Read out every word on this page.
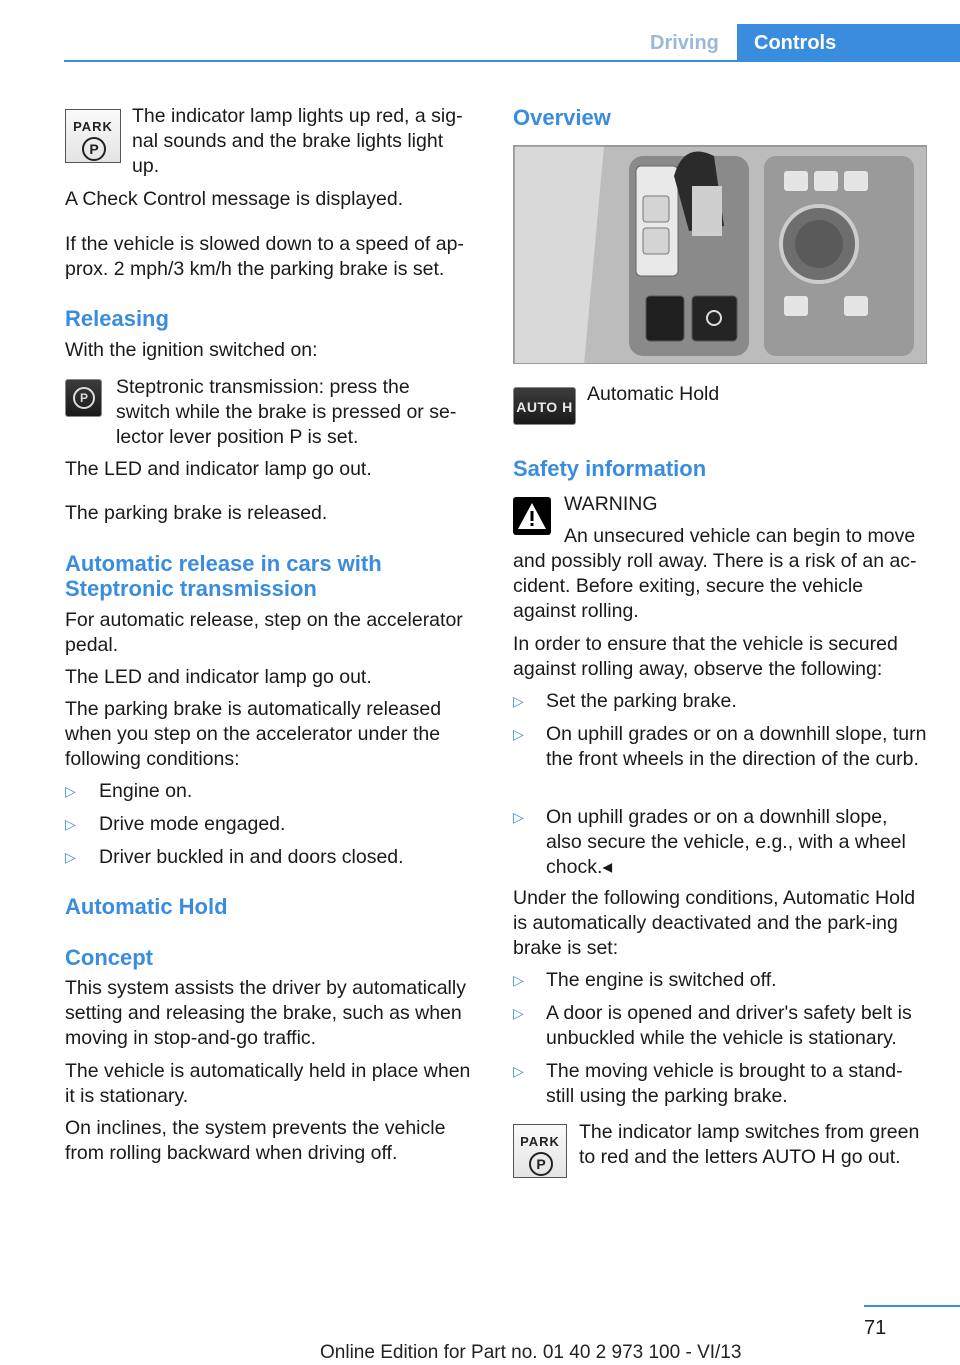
Driving	Controls
PARK
P
The indicator lamp lights up red, a sig-nal sounds and the brake lights light up.
A Check Control message is displayed.
If the vehicle is slowed down to a speed of ap-prox. 2 mph/3 km/h the parking brake is set.
Releasing
With the ignition switched on:
P	Steptronic transmission: press the switch while the brake is pressed or se-lector lever position P is set.
The LED and indicator lamp go out.
The parking brake is released.
Automatic release in cars with Steptronic transmission
For automatic release, step on the accelerator pedal.
The LED and indicator lamp go out.
The parking brake is automatically released when you step on the accelerator under the following conditions:
▷ Engine on.
▷ Drive mode engaged.
▷ Driver buckled in and doors closed.
Automatic Hold
Concept
This system assists the driver by automatically setting and releasing the brake, such as when moving in stop-and-go traffic.
The vehicle is automatically held in place when it is stationary.
On inclines, the system prevents the vehicle from rolling backward when driving off.
Overview
AUTO H
Automatic Hold
Safety information
WARNING
An unsecured vehicle can begin to move and possibly roll away. There is a risk of an ac-cident. Before exiting, secure the vehicle against rolling.
In order to ensure that the vehicle is secured against rolling away, observe the following:
▷ Set the parking brake.
▷ On uphill grades or on a downhill slope, turn the front wheels in the direction of the curb.
▷ On uphill grades or on a downhill slope, also secure the vehicle, e.g., with a wheel chock.◂
Under the following conditions, Automatic Hold is automatically deactivated and the park-ing brake is set:
▷ The engine is switched off.
▷ A door is opened and driver's safety belt is unbuckled while the vehicle is stationary.
▷ The moving vehicle is brought to a stand-still using the parking brake.
PARK
P
The indicator lamp switches from green to red and the letters AUTO H go out.
71
Online Edition for Part no. 01 40 2 973 100 - VI/13
